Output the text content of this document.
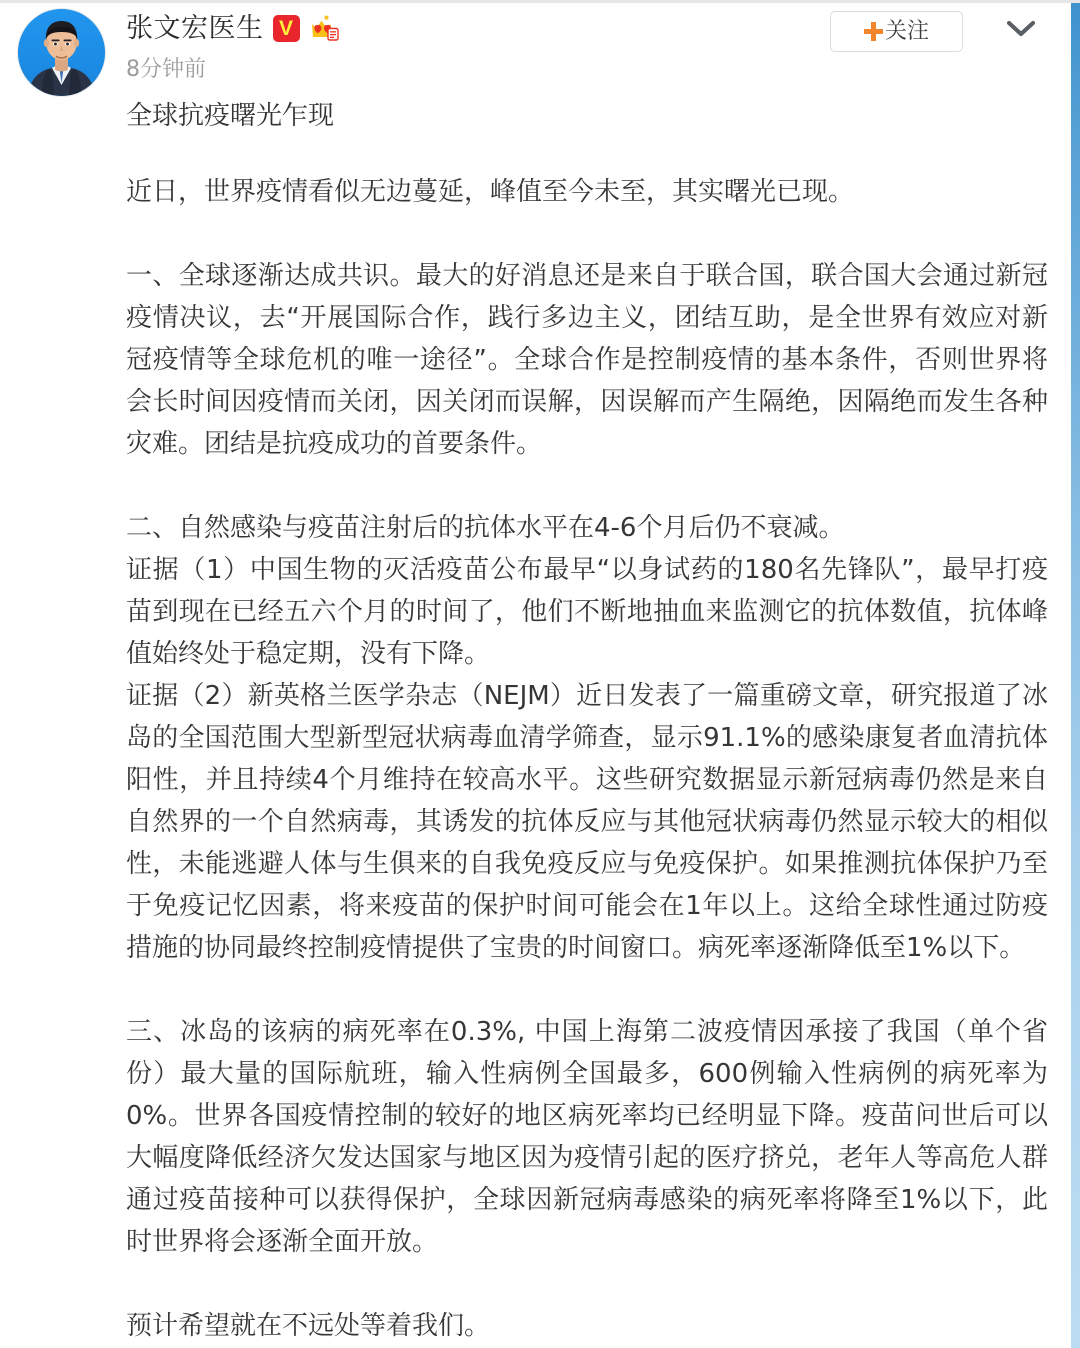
张文宏医生 V
8分钟前
关注
全球抗疫曙光乍现

近日，世界疫情看似无边蔓延，峰值至今未至，其实曙光已现。

一、全球逐渐达成共识。最大的好消息还是来自于联合国，联合国大会通过新冠疫情决议，去“开展国际合作，践行多边主义，团结互助，是全世界有效应对新冠疫情等全球危机的唯一途径”。全球合作是控制疫情的基本条件，否则世界将会长时间因疫情而关闭，因关闭而误解，因误解而产生隔绝，因隔绝而发生各种灾难。团结是抗疫成功的首要条件。

二、自然感染与疫苗注射后的抗体水平在4-6个月后仍不衰减。

证据（1）中国生物的灭活疫苗公布最早“以身试药的180名先锋队”，最早打疫苗到现在已经五六个月的时间了，他们不断地抽血来监测它的抗体数值，抗体峰值始终处于稳定期，没有下降。

证据（2）新英格兰医学杂志（NEJM）近日发表了一篇重磅文章，研究报道了冰岛的全国范围大型新型冠状病毒血清学筛查，显示91.1%的感染康复者血清抗体阳性，并且持续4个月维持在较高水平。这些研究数据显示新冠病毒仍然是来自自然界的一个自然病毒，其诱发的抗体反应与其他冠状病毒仍然显示较大的相似性，未能逃避人体与生俱来的自我免疫反应与免疫保护。如果推测抗体保护乃至于免疫记忆因素，将来疫苗的保护时间可能会在1年以上。这给全球性通过防疫措施的协同最终控制疫情提供了宝贵的时间窗口。病死率逐渐降低至1%以下。

三、冰岛的该病的病死率在0.3%, 中国上海第二波疫情因承接了我国（单个省份）最大量的国际航班，输入性病例全国最多，600例输入性病例的病死率为0%。世界各国疫情控制的较好的地区病死率均已经明显下降。疫苗问世后可以大幅度降低经济欠发达国家与地区因为疫情引起的医疗挤兑，老年人等高危人群通过疫苗接种可以获得保护，全球因新冠病毒感染的病死率将降至1%以下，此时世界将会逐渐全面开放。

预计希望就在不远处等着我们。
